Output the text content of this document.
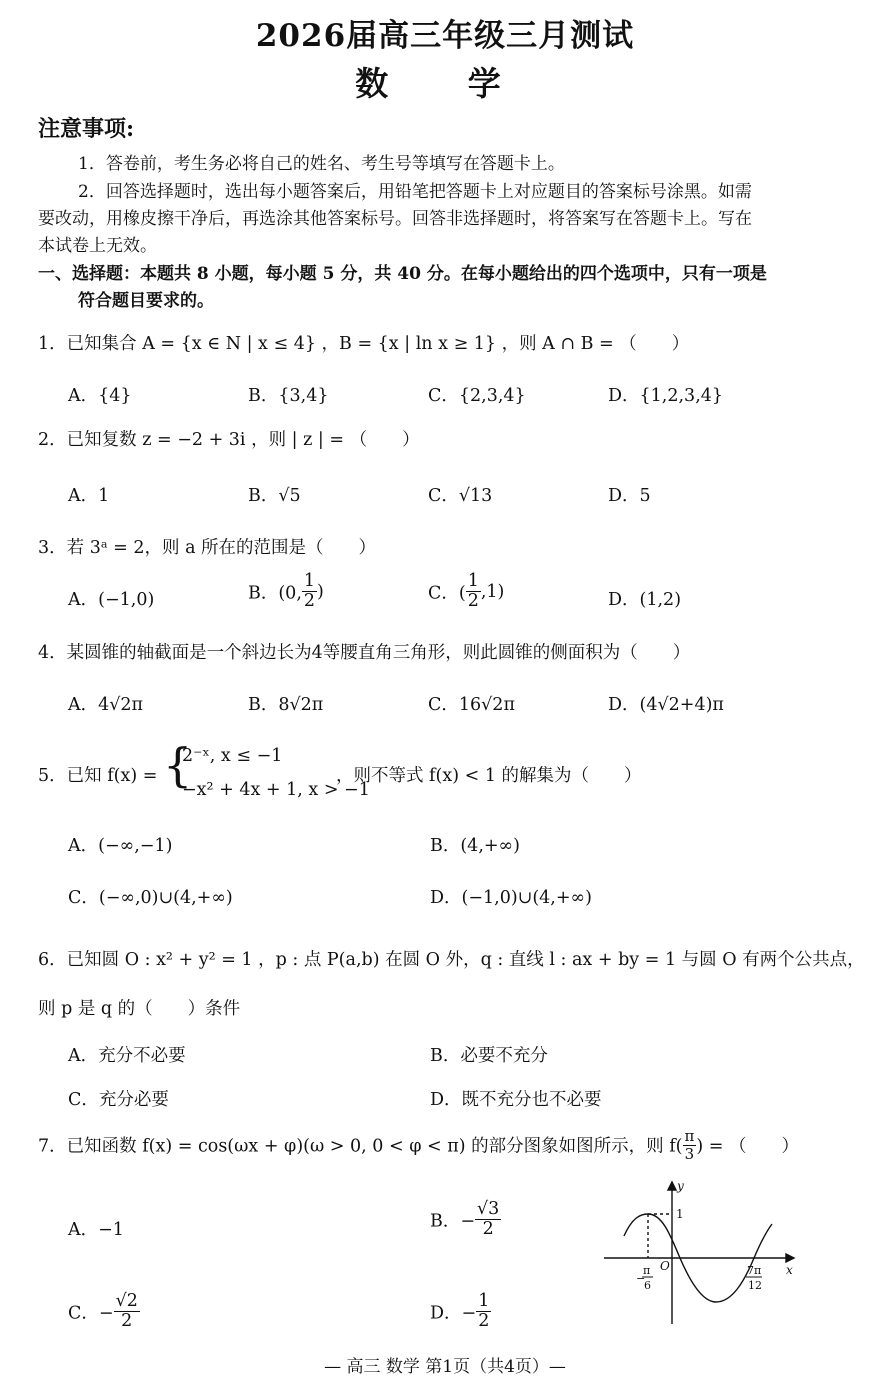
2026届高三年级三月测试
数 学
注意事项:
1．答卷前，考生务必将自己的姓名、考生号等填写在答题卡上。
2．回答选择题时，选出每小题答案后，用铅笔把答题卡上对应题目的答案标号涂黑。如需
要改动，用橡皮擦干净后，再选涂其他答案标号。回答非选择题时，将答案写在答题卡上。写在
本试卷上无效。
一、选择题：本题共 8 小题，每小题 5 分，共 40 分。在每小题给出的四个选项中，只有一项是
符合题目要求的。
1．已知集合 A = {x ∈ N | x ≤ 4} ，B = {x | ln x ≥ 1} ，则 A ∩ B = （　　）
A．{4}	B．{3,4}	C．{2,3,4}	D．{1,2,3,4}
2．已知复数 z = −2 + 3i ，则 | z | = （　　）
A．1	B．√5	C．√13	D．5
3．若 3ᵃ = 2，则 a 所在的范围是（　　）
A．(−1,0)	B．(0, $\frac{1}{2}$ )	C．( $\frac{1}{2} ,1$)	D．(1,2)
4．某圆锥的轴截面是一个斜边长为4等腰直角三角形，则此圆锥的侧面积为（　　）
A．4√2π	B．8√2π	C．16√2π	D．(4√2+4)π
5．已知 f(x) = {
2⁻ˣ, x ≤ −1
−x² + 4x + 1, x > −1
，则不等式 f(x) < 1 的解集为（　　）
A．(−∞,−1)	B．(4,+∞)
C．(−∞,0)∪(4,+∞)	D．(−1,0)∪(4,+∞)
6．已知圆 O : x² + y² = 1 ，p : 点 P(a,b) 在圆 O 外，q : 直线 l : ax + by = 1 与圆 O 有两个公共点，
则 p 是 q 的（　　）条件
A．充分不必要	B．必要不充分
C．充分必要	D．既不充分也不必要
7．已知函数 f(x) = cos(ωx + φ)(ω > 0, 0 < φ < π) 的部分图象如图所示，则 $f( \frac{\pi}{3}$ ) = （　　）
A．−1	B．− $\frac{√3}{2}$
C．− $\frac{√2}{2}$	D．− $\frac{1}{2}$
y
x
O
1
−
π
6
7π
12
— 高三 数学 第1页（共4页）—
